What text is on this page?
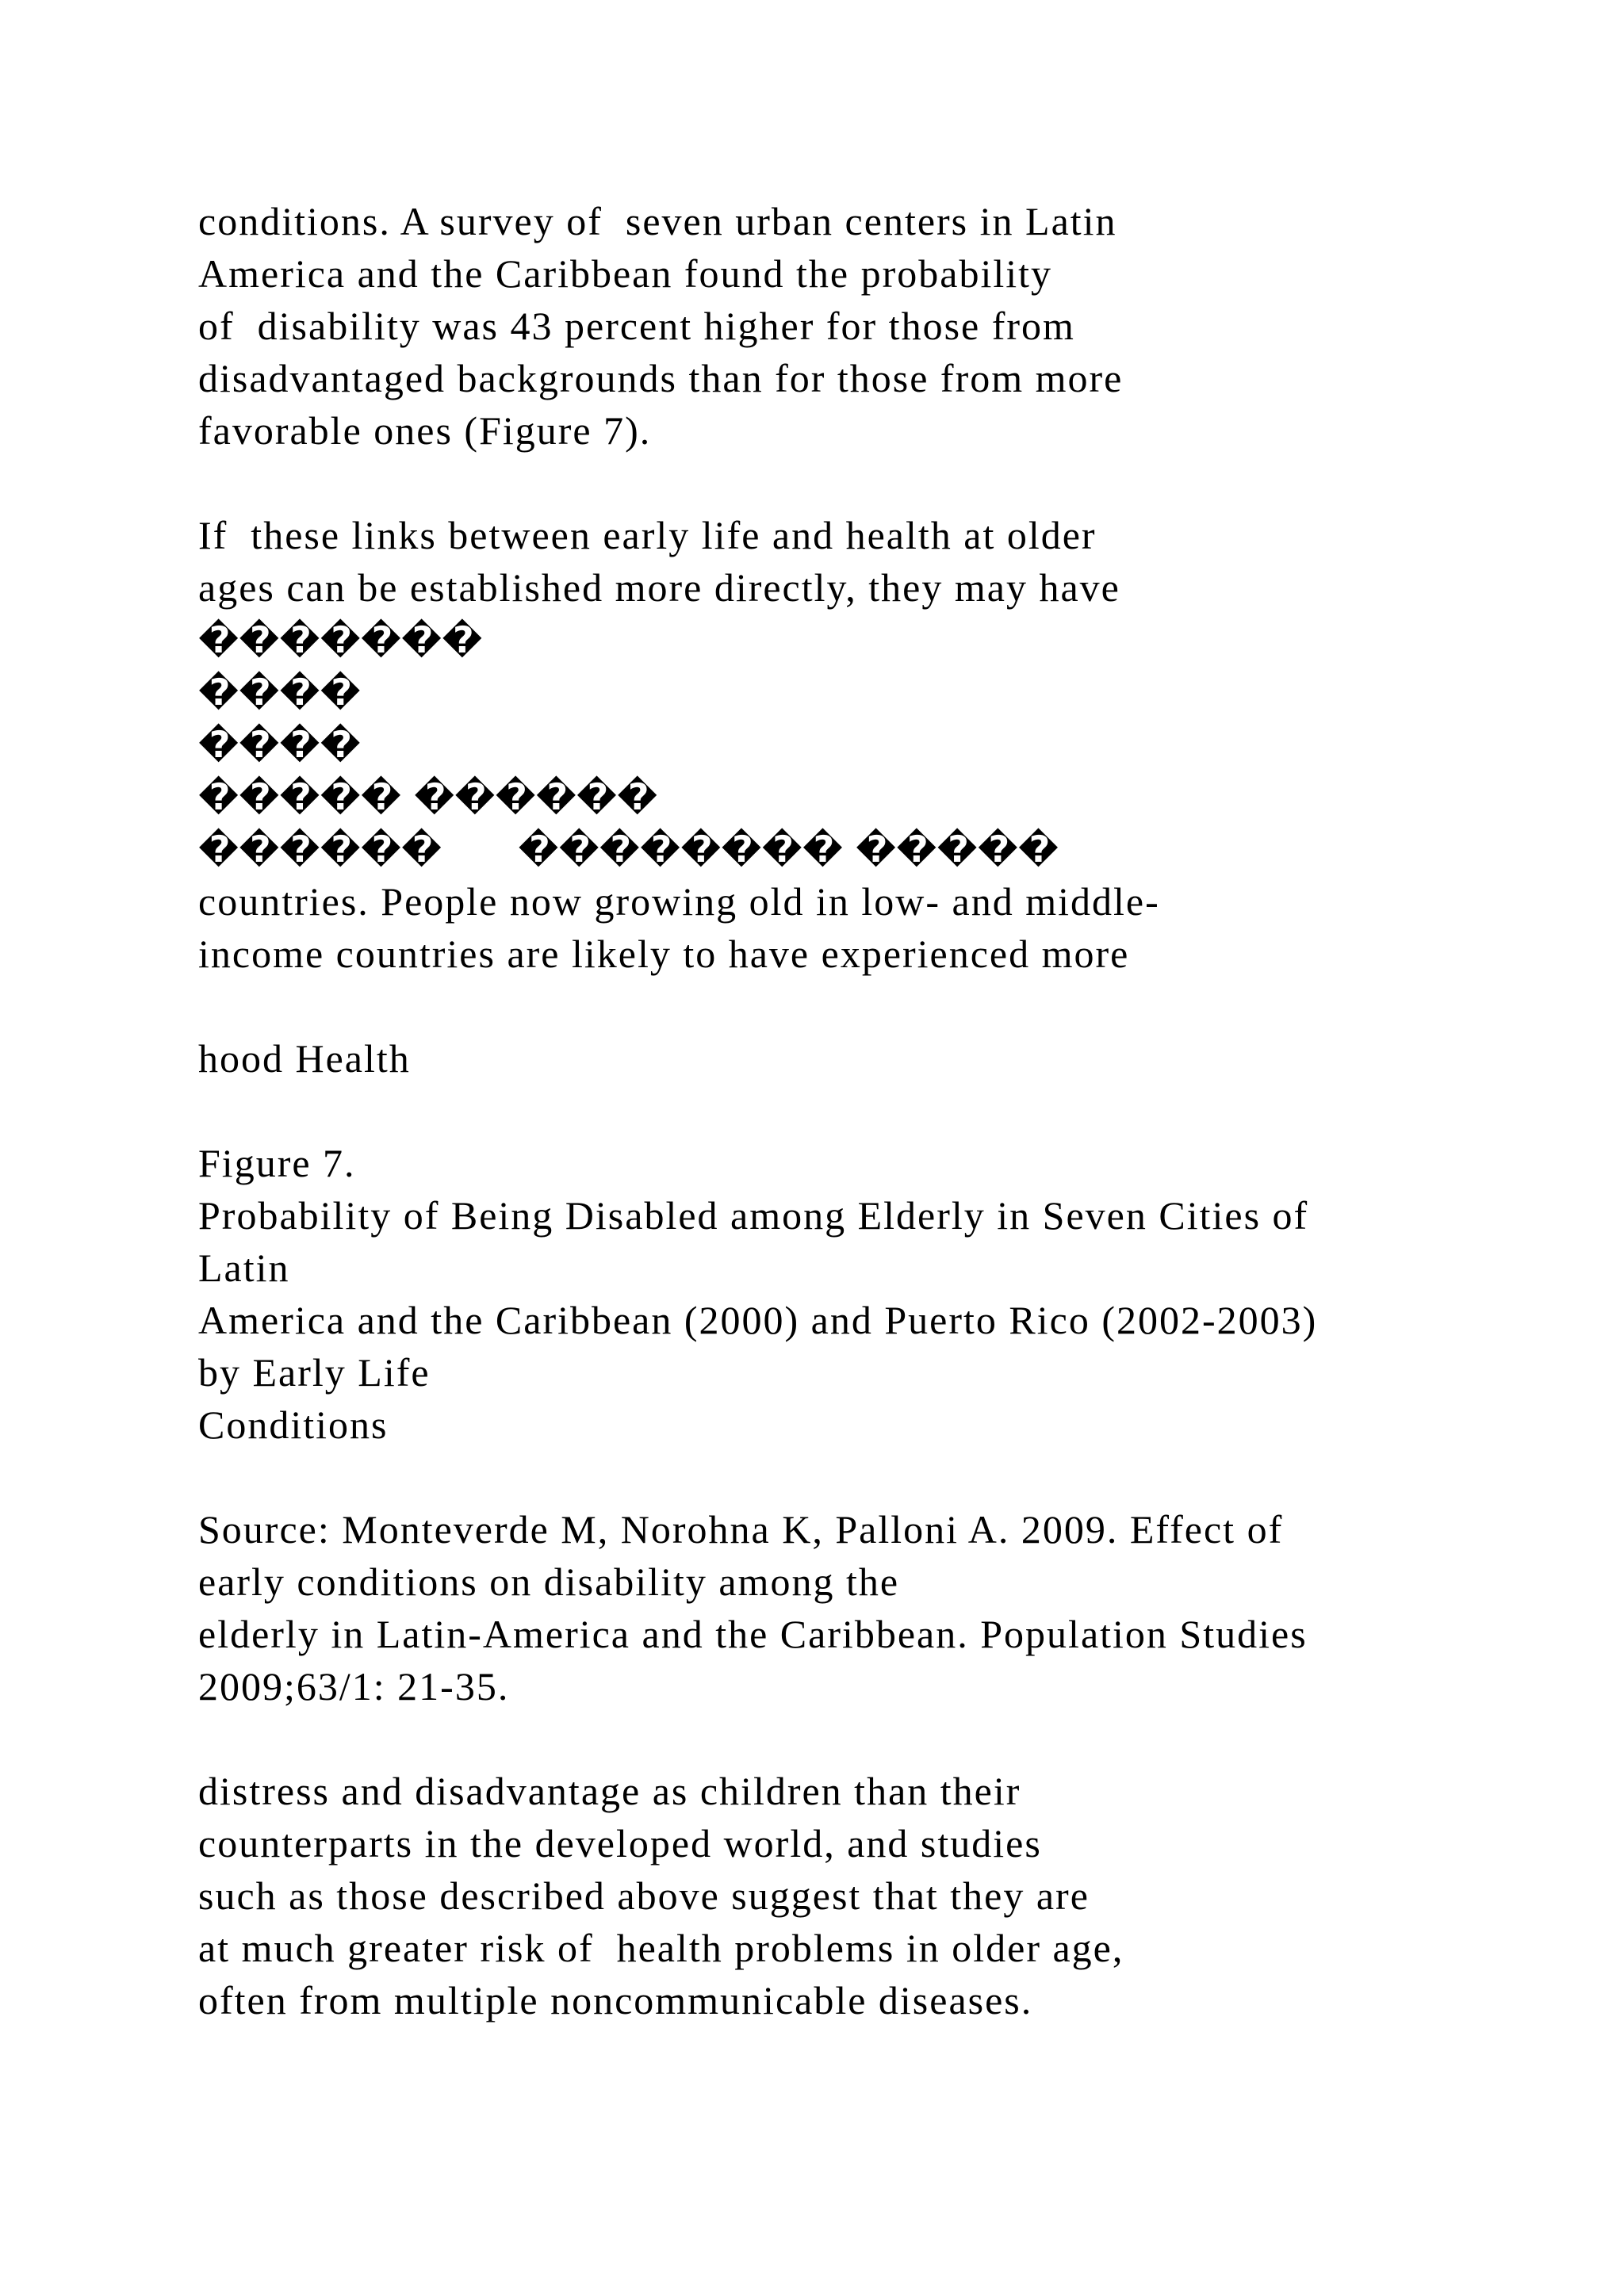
conditions. A survey of  seven urban centers in Latin
America and the Caribbean found the probability
of  disability was 43 percent higher for those from
disadvantaged backgrounds than for those from more
favorable ones (Figure 7).
If  these links between early life and health at older
ages can be established more directly, they may have
�������
����
����
����� ������
������      �������� �����
countries. People now growing old in low- and middle-
income countries are likely to have experienced more
hood Health
Figure 7.
Probability of Being Disabled among Elderly in Seven Cities of
Latin
America and the Caribbean (2000) and Puerto Rico (2002-2003)
by Early Life
Conditions
Source: Monteverde M, Norohna K, Palloni A. 2009. Effect of
early conditions on disability among the
elderly in Latin-America and the Caribbean. Population Studies
2009;63/1: 21-35.
distress and disadvantage as children than their
counterparts in the developed world, and studies
such as those described above suggest that they are
at much greater risk of  health problems in older age,
often from multiple noncommunicable diseases.
